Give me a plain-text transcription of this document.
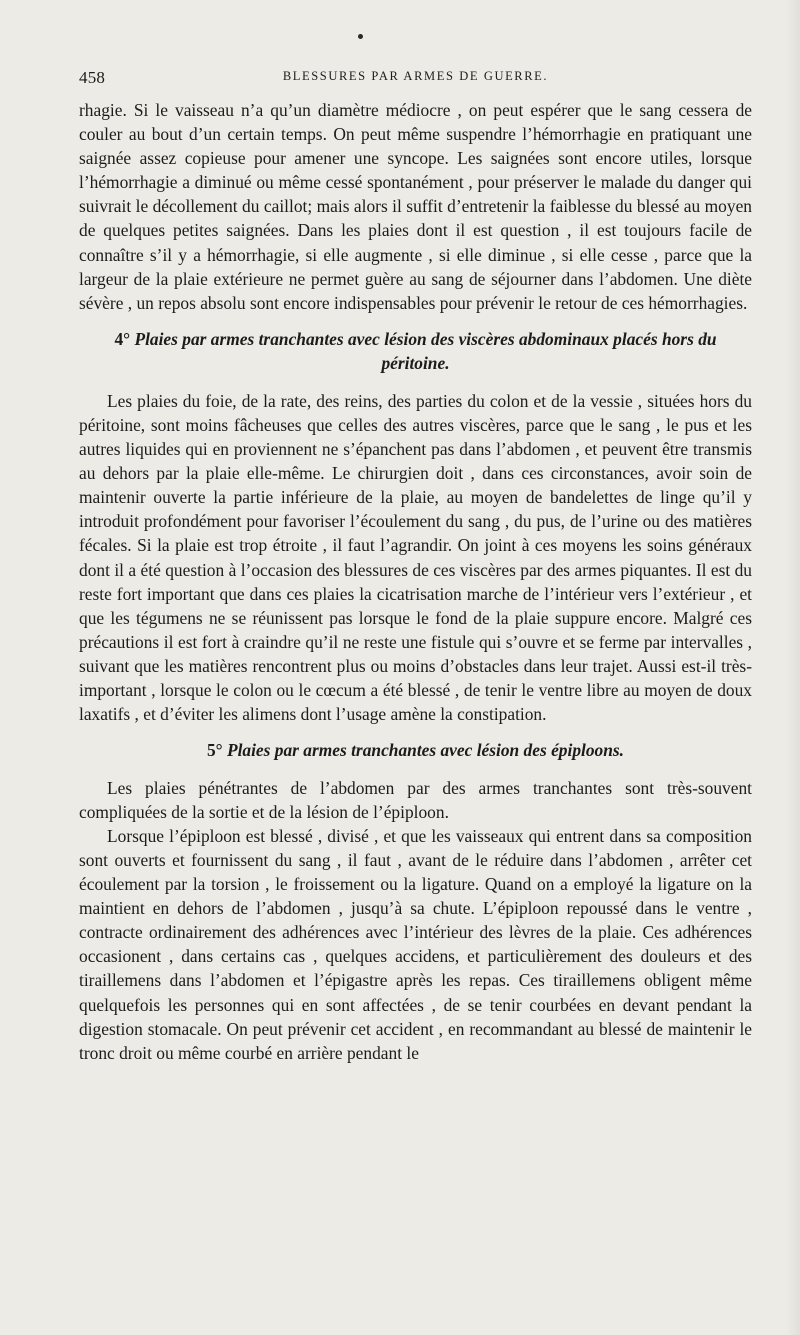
458	BLESSURES PAR ARMES DE GUERRE.

rhagie. Si le vaisseau n’a qu’un diamètre médiocre , on peut espérer que le sang cessera de couler au bout d’un certain temps. On peut même suspendre l’hémorrhagie en pratiquant une saignée assez copieuse pour amener une syncope. Les saignées sont encore utiles, lorsque l’hémorrhagie a diminué ou même cessé spontanément , pour préserver le malade du danger qui suivrait le décollement du caillot; mais alors il suffit d’entretenir la faiblesse du blessé au moyen de quelques petites saignées. Dans les plaies dont il est question , il est toujours facile de connaître s’il y a hémorrhagie, si elle augmente , si elle diminue , si elle cesse , parce que la largeur de la plaie extérieure ne permet guère au sang de séjourner dans l’abdomen. Une diète sévère , un repos absolu sont encore indispensables pour prévenir le retour de ces hémorrhagies.

4° Plaies par armes tranchantes avec lésion des viscères abdominaux placés hors du péritoine.

Les plaies du foie, de la rate, des reins, des parties du colon et de la vessie , situées hors du péritoine, sont moins fâcheuses que celles des autres viscères, parce que le sang , le pus et les autres liquides qui en proviennent ne s’épanchent pas dans l’abdomen , et peuvent être transmis au dehors par la plaie elle-même. Le chirurgien doit , dans ces circonstances, avoir soin de maintenir ouverte la partie inférieure de la plaie, au moyen de bandelettes de linge qu’il y introduit profondément pour favoriser l’écoulement du sang , du pus, de l’urine ou des matières fécales. Si la plaie est trop étroite , il faut l’agrandir. On joint à ces moyens les soins généraux dont il a été question à l’occasion des blessures de ces viscères par des armes piquantes. Il est du reste fort important que dans ces plaies la cicatrisation marche de l’intérieur vers l’extérieur , et que les tégumens ne se réunissent pas lorsque le fond de la plaie suppure encore. Malgré ces précautions il est fort à craindre qu’il ne reste une fistule qui s’ouvre et se ferme par intervalles , suivant que les matières rencontrent plus ou moins d’obstacles dans leur trajet. Aussi est-il très-important , lorsque le colon ou le cœcum a été blessé , de tenir le ventre libre au moyen de doux laxatifs , et d’éviter les alimens dont l’usage amène la constipation.

5° Plaies par armes tranchantes avec lésion des épiploons.

Les plaies pénétrantes de l’abdomen par des armes tranchantes sont très-souvent compliquées de la sortie et de la lésion de l’épiploon.

Lorsque l’épiploon est blessé , divisé , et que les vaisseaux qui entrent dans sa composition sont ouverts et fournissent du sang , il faut , avant de le réduire dans l’abdomen , arrêter cet écoulement par la torsion , le froissement ou la ligature. Quand on a employé la ligature on la maintient en dehors de l’abdomen , jusqu’à sa chute. L’épiploon repoussé dans le ventre , contracte ordinairement des adhérences avec l’intérieur des lèvres de la plaie. Ces adhérences occasionent , dans certains cas , quelques accidens, et particulièrement des douleurs et des tiraillemens dans l’abdomen et l’épigastre après les repas. Ces tiraillemens obligent même quelquefois les personnes qui en sont affectées , de se tenir courbées en devant pendant la digestion stomacale. On peut prévenir cet accident , en recommandant au blessé de maintenir le tronc droit ou même courbé en arrière pendant le
